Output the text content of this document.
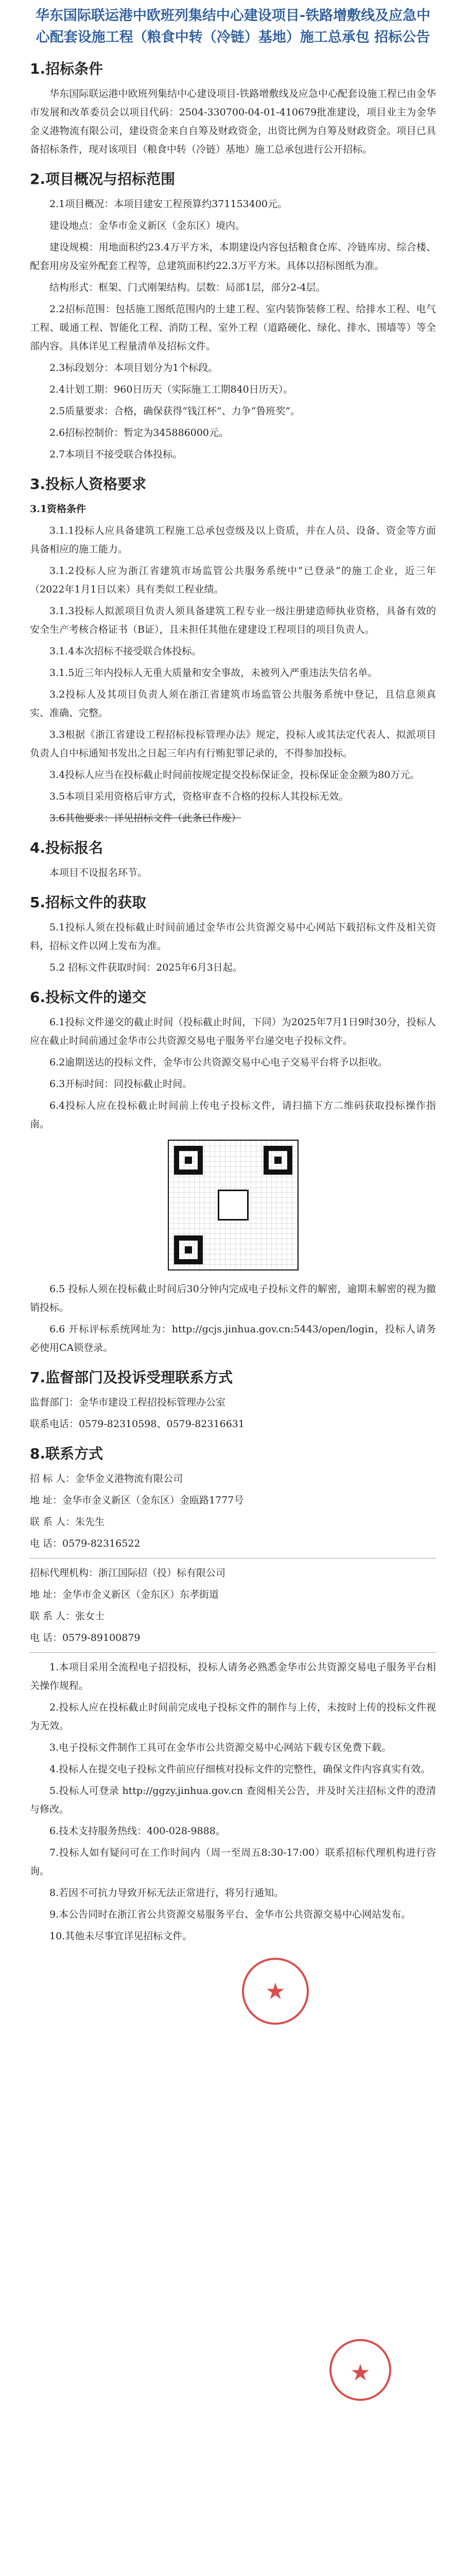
华东国际联运港中欧班列集结中心建设项目-铁路增敷线及应急中心配套设施工程（粮食中转（冷链）基地）施工总承包 招标公告
1.招标条件

华东国际联运港中欧班列集结中心建设项目-铁路增敷线及应急中心配套设施工程已由金华市发展和改革委员会以项目代码：2504-330700-04-01-410679批准建设，项目业主为金华金义港物流有限公司，建设资金来自自筹及财政资金，出资比例为自筹及财政资金。项目已具备招标条件，现对该项目（粮食中转（冷链）基地）施工总承包进行公开招标。

2.项目概况与招标范围

2.1项目概况：本项目建安工程预算约371153400元。

建设地点：金华市金义新区（金东区）境内。

建设规模：用地面积约23.4万平方米，本期建设内容包括粮食仓库、冷链库房、综合楼、配套用房及室外配套工程等，总建筑面积约22.3万平方米。具体以招标图纸为准。

结构形式：框架、门式刚架结构。层数：局部1层，部分2-4层。

2.2招标范围：包括施工图纸范围内的土建工程、室内装饰装修工程、给排水工程、电气工程、暖通工程、智能化工程、消防工程、室外工程（道路硬化、绿化、排水、围墙等）等全部内容。具体详见工程量清单及招标文件。

2.3标段划分：本项目划分为1个标段。

2.4计划工期：960日历天（实际施工工期840日历天）。

2.5质量要求：合格，确保获得“钱江杯”、力争“鲁班奖”。

2.6招标控制价：暂定为345886000元。

2.7本项目不接受联合体投标。

3.投标人资格要求

3.1资格条件

3.1.1投标人应具备建筑工程施工总承包壹级及以上资质，并在人员、设备、资金等方面具备相应的施工能力。

3.1.2投标人应为浙江省建筑市场监管公共服务系统中“已登录”的施工企业，近三年（2022年1月1日以来）具有类似工程业绩。

3.1.3投标人拟派项目负责人须具备建筑工程专业一级注册建造师执业资格，具备有效的安全生产考核合格证书（B证），且未担任其他在建建设工程项目的项目负责人。

3.1.4本次招标不接受联合体投标。

3.1.5近三年内投标人无重大质量和安全事故，未被列入严重违法失信名单。

3.2投标人及其项目负责人须在浙江省建筑市场监管公共服务系统中登记，且信息须真实、准确、完整。

3.3根据《浙江省建设工程招标投标管理办法》规定，投标人或其法定代表人、拟派项目负责人自中标通知书发出之日起三年内有行贿犯罪记录的，不得参加投标。

3.4投标人应当在投标截止时间前按规定提交投标保证金，投标保证金金额为80万元。

3.5本项目采用资格后审方式，资格审查不合格的投标人其投标无效。

3.6其他要求：详见招标文件（此条已作废）

4.投标报名

本项目不设报名环节。

5.招标文件的获取

5.1投标人须在投标截止时间前通过金华市公共资源交易中心网站下载招标文件及相关资料，招标文件以网上发布为准。

5.2 招标文件获取时间：2025年6月3日起。

6.投标文件的递交

6.1投标文件递交的截止时间（投标截止时间，下同）为2025年7月1日9时30分，投标人应在截止时间前通过金华市公共资源交易电子服务平台递交电子投标文件。

6.2逾期送达的投标文件，金华市公共资源交易中心电子交易平台将予以拒收。

6.3开标时间：同投标截止时间。

6.4投标人应在投标截止时间前上传电子投标文件，请扫描下方二维码获取投标操作指南。

6.5 投标人须在投标截止时间后30分钟内完成电子投标文件的解密，逾期未解密的视为撤销投标。

6.6 开标评标系统网址为：http://gcjs.jinhua.gov.cn:5443/open/login，投标人请务必使用CA锁登录。

7.监督部门及投诉受理联系方式

监督部门：金华市建设工程招投标管理办公室

联系电话：0579-82310598、0579-82316631

8.联系方式

招 标 人：金华金义港物流有限公司

地 址：金华市金义新区（金东区）金瓯路1777号

联 系 人：朱先生

电 话：0579-82316522

招标代理机构：浙江国际招（投）标有限公司

地 址：金华市金义新区（金东区）东孝街道

联 系 人：张女士

电 话：0579-89100879

1.本项目采用全流程电子招投标，投标人请务必熟悉金华市公共资源交易电子服务平台相关操作规程。

2.投标人应在投标截止时间前完成电子投标文件的制作与上传，未按时上传的投标文件视为无效。

3.电子投标文件制作工具可在金华市公共资源交易中心网站下载专区免费下载。

4.投标人在提交电子投标文件前应仔细核对投标文件的完整性，确保文件内容真实有效。

5.投标人可登录 http://ggzy.jinhua.gov.cn 查阅相关公告，并及时关注招标文件的澄清与修改。

6.技术支持服务热线：400-028-9888。

7.投标人如有疑问可在工作时间内（周一至周五8:30-17:00）联系招标代理机构进行咨询。

8.若因不可抗力导致开标无法正常进行，将另行通知。

9.本公告同时在浙江省公共资源交易服务平台、金华市公共资源交易中心网站发布。

10.其他未尽事宜详见招标文件。

★
★
